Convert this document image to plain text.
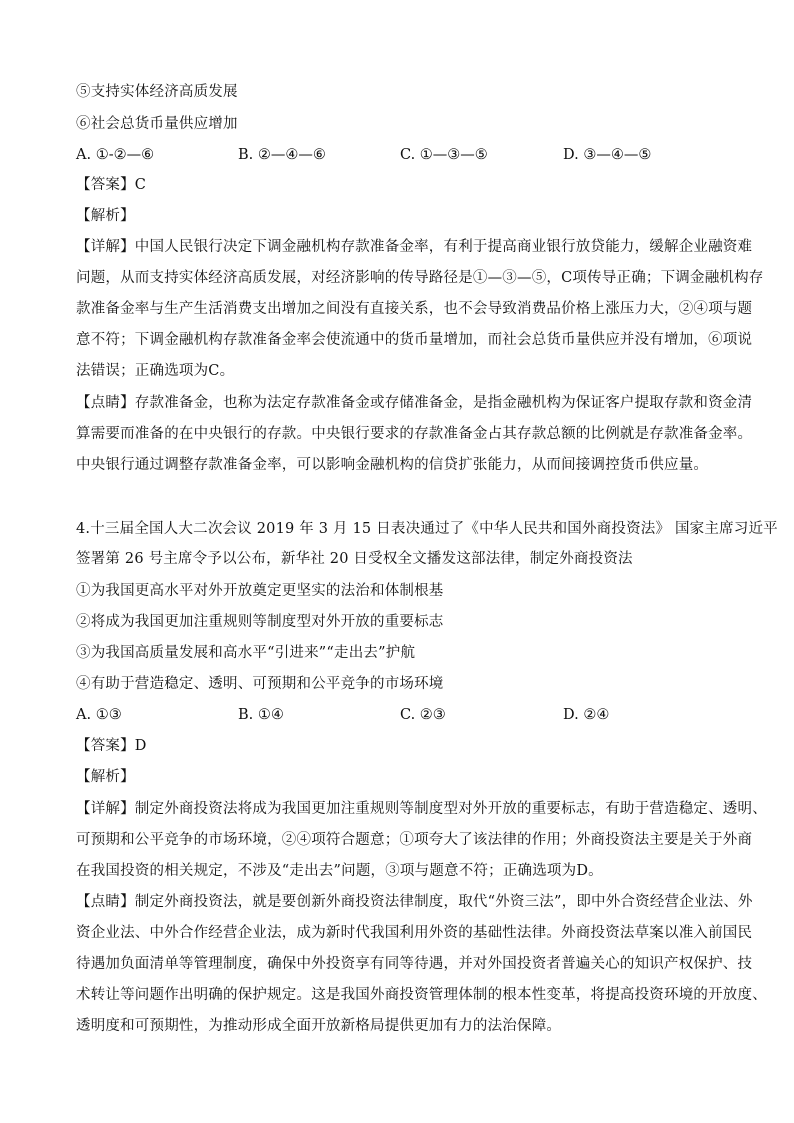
⑤支持实体经济高质发展
⑥社会总货币量供应增加
A. ①-②—⑥	B. ②—④—⑥	C. ①—③—⑤	D. ③—④—⑤
【答案】C
【解析】
【详解】中国人民银行决定下调金融机构存款准备金率，有利于提高商业银行放贷能力，缓解企业融资难
问题，从而支持实体经济高质发展，对经济影响的传导路径是①—③—⑤，C项传导正确；下调金融机构存
款准备金率与生产生活消费支出增加之间没有直接关系，也不会导致消费品价格上涨压力大，②④项与题
意不符；下调金融机构存款准备金率会使流通中的货币量增加，而社会总货币量供应并没有增加，⑥项说
法错误；正确选项为C。
【点睛】存款准备金，也称为法定存款准备金或存储准备金，是指金融机构为保证客户提取存款和资金清
算需要而准备的在中央银行的存款。中央银行要求的存款准备金占其存款总额的比例就是存款准备金率。
中央银行通过调整存款准备金率，可以影响金融机构的信贷扩张能力，从而间接调控货币供应量。
4.十三届全国人大二次会议 2019 年 3 月 15 日表决通过了《中华人民共和国外商投资法》 国家主席习近平
签署第 26 号主席令予以公布，新华社 20 日受权全文播发这部法律，制定外商投资法
①为我国更高水平对外开放奠定更坚实的法治和体制根基
②将成为我国更加注重规则等制度型对外开放的重要标志
③为我国高质量发展和高水平“引进来”“走出去”护航
④有助于营造稳定、透明、可预期和公平竞争的市场环境
A. ①③	B. ①④	C. ②③	D. ②④
【答案】D
【解析】
【详解】制定外商投资法将成为我国更加注重规则等制度型对外开放的重要标志，有助于营造稳定、透明、
可预期和公平竞争的市场环境，②④项符合题意；①项夸大了该法律的作用；外商投资法主要是关于外商
在我国投资的相关规定，不涉及“走出去”问题，③项与题意不符；正确选项为D。
【点睛】制定外商投资法，就是要创新外商投资法律制度，取代“外资三法”，即中外合资经营企业法、外
资企业法、中外合作经营企业法，成为新时代我国利用外资的基础性法律。外商投资法草案以准入前国民
待遇加负面清单等管理制度，确保中外投资享有同等待遇，并对外国投资者普遍关心的知识产权保护、技
术转让等问题作出明确的保护规定。这是我国外商投资管理体制的根本性变革，将提高投资环境的开放度、
透明度和可预期性，为推动形成全面开放新格局提供更加有力的法治保障。
